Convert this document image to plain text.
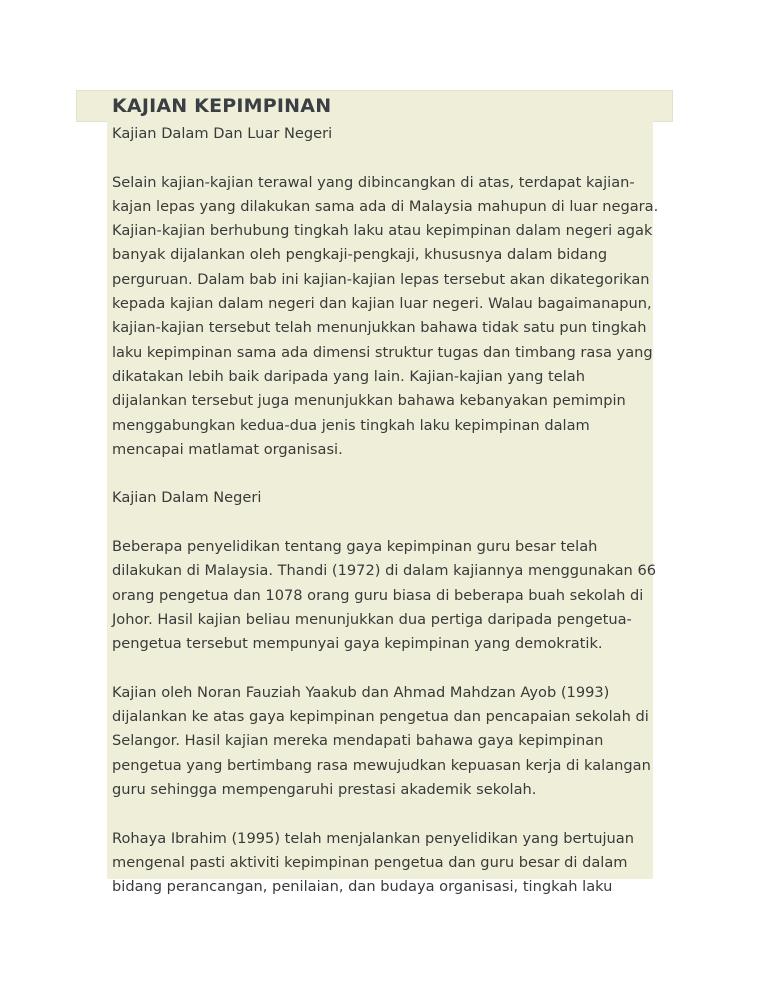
KAJIAN KEPIMPINAN
Kajian Dalam Dan Luar Negeri
Selain kajian-kajian terawal yang dibincangkan di atas, terdapat kajian-
kajan lepas yang dilakukan sama ada di Malaysia mahupun di luar negara.
Kajian-kajian berhubung tingkah laku atau kepimpinan dalam negeri agak
banyak dijalankan oleh pengkaji-pengkaji, khususnya dalam bidang
perguruan. Dalam bab ini kajian-kajian lepas tersebut akan dikategorikan
kepada kajian dalam negeri dan kajian luar negeri. Walau bagaimanapun,
kajian-kajian tersebut telah menunjukkan bahawa tidak satu pun tingkah
laku kepimpinan sama ada dimensi struktur tugas dan timbang rasa yang
dikatakan lebih baik daripada yang lain. Kajian-kajian yang telah
dijalankan tersebut juga menunjukkan bahawa kebanyakan pemimpin
menggabungkan kedua-dua jenis tingkah laku kepimpinan dalam
mencapai matlamat organisasi.
Kajian Dalam Negeri
Beberapa penyelidikan tentang gaya kepimpinan guru besar telah
dilakukan di Malaysia. Thandi (1972) di dalam kajiannya menggunakan 66
orang pengetua dan 1078 orang guru biasa di beberapa buah sekolah di
Johor. Hasil kajian beliau menunjukkan dua pertiga daripada pengetua-
pengetua tersebut mempunyai gaya kepimpinan yang demokratik.
Kajian oleh Noran Fauziah Yaakub dan Ahmad Mahdzan Ayob (1993)
dijalankan ke atas gaya kepimpinan pengetua dan pencapaian sekolah di
Selangor. Hasil kajian mereka mendapati bahawa gaya kepimpinan
pengetua yang bertimbang rasa mewujudkan kepuasan kerja di kalangan
guru sehingga mempengaruhi prestasi akademik sekolah.
Rohaya Ibrahim (1995) telah menjalankan penyelidikan yang bertujuan
mengenal pasti aktiviti kepimpinan pengetua dan guru besar di dalam
bidang perancangan, penilaian, dan budaya organisasi, tingkah laku
